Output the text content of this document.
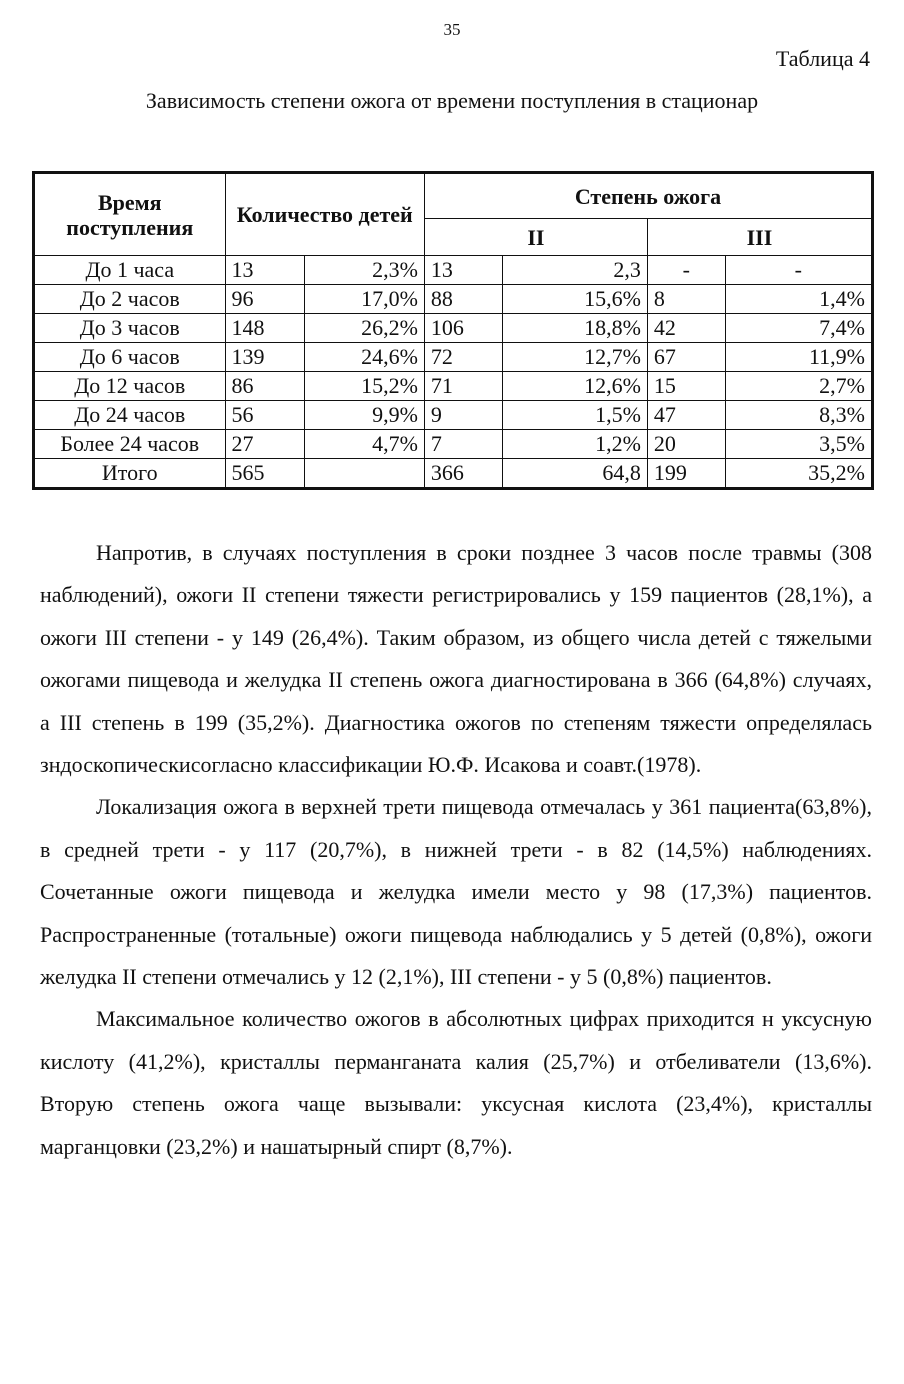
35
Таблица 4
Зависимость степени ожога от времени поступления в стационар
Время поступления	Количество детей		Степень ожога			
			II		III	
До 1 часа	13	2,3%	13	2,3	-	-
До 2 часов	96	17,0%	88	15,6%	8	1,4%
До 3 часов	148	26,2%	106	18,8%	42	7,4%
До 6 часов	139	24,6%	72	12,7%	67	11,9%
До 12 часов	86	15,2%	71	12,6%	15	2,7%
До 24 часов	56	9,9%	9	1,5%	47	8,3%
Более 24 часов	27	4,7%	7	1,2%	20	3,5%
Итого	565		366	64,8	199	35,2%

Напротив, в случаях поступления в сроки позднее 3 часов после травмы (308 наблюдений), ожоги II степени тяжести регистрировались у 159 пациентов (28,1%), а ожоги III степени - у 149 (26,4%). Таким образом, из общего числа детей с тяжелыми ожогами пищевода и желудка II степень ожога диагностирована в 366 (64,8%) случаях, а III степень в 199 (35,2%). Диагностика ожогов по степеням тяжести определялась зндоскопическисогласно классификации Ю.Ф. Исакова и соавт.(1978).

Локализация ожога в верхней трети пищевода отмечалась у 361 пациента(63,8%), в средней трети - у 117 (20,7%), в нижней трети - в 82 (14,5%) наблюдениях. Сочетанные ожоги пищевода и желудка имели место у 98 (17,3%) пациентов. Распространенные (тотальные) ожоги пищевода наблюдались у 5 детей (0,8%), ожоги желудка II степени отмечались у 12 (2,1%), III степени - у 5 (0,8%) пациентов.

Максимальное количество ожогов в абсолютных цифрах приходится н уксусную кислоту (41,2%), кристаллы перманганата калия (25,7%) и отбеливатели (13,6%). Вторую степень ожога чаще вызывали: уксусная кислота (23,4%), кристаллы марганцовки (23,2%) и нашатырный спирт (8,7%).
